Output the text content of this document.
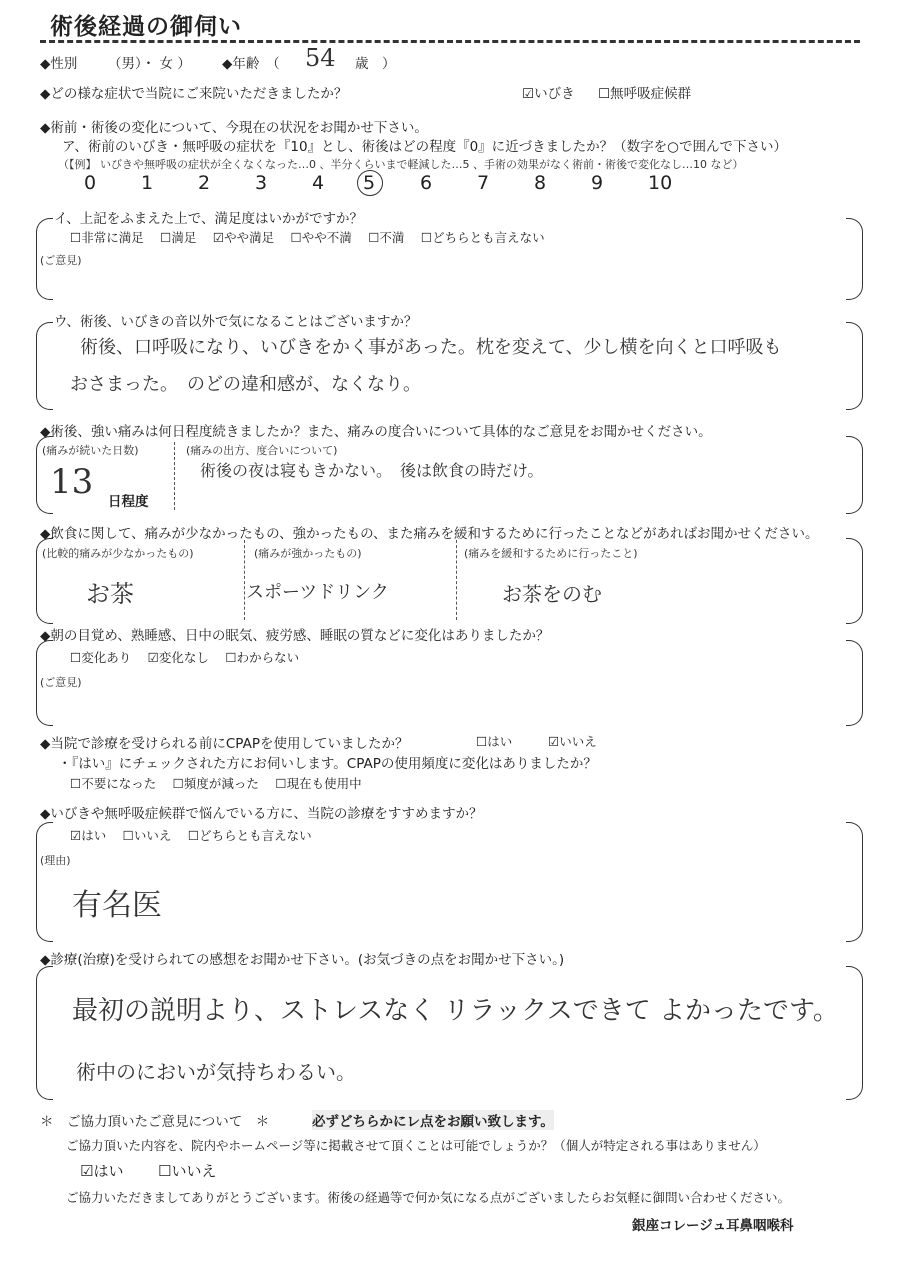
術後経過の御伺い
◆性別 （男）・ 女 ） ◆年齢　（ 54 歳　）
◆どの様な症状で当院にご来院いただきましたか？	☑いびき ☐無呼吸症候群
◆術前・術後の変化について、今現在の状況をお聞かせ下さい。
ア、術前のいびき・無呼吸の症状を『10』とし、術後はどの程度『0』に近づきましたか？（数字を○で囲んで下さい）
（【例】 いびきや無呼吸の症状が全くなくなった…0 、半分くらいまで軽減した…5 、手術の効果がなく術前・術後で変化なし…10 など）
0 1 2 3 4 5 6 7 8 9 10
イ、上記をふまえた上で、満足度はいかがですか？
☐非常に満足　 ☐満足　 ☑やや満足　 ☐やや不満　 ☐不満　 ☐どちらとも言えない
(ご意見)
ウ、術後、いびきの音以外で気になることはございますか？
術後、口呼吸になり、いびきをかく事があった。枕を変えて、少し横を向くと口呼吸も
おさまった。　のどの違和感が、なくなり。
◆術後、強い痛みは何日程度続きましたか？また、痛みの度合いについて具体的なご意見をお聞かせください。
(痛みが続いた日数)
13 日程度
(痛みの出方、度合いについて)
術後の夜は寝もきかない。　後は飲食の時だけ。
◆飲食に関して、痛みが少なかったもの、強かったもの、また痛みを緩和するために行ったことなどがあればお聞かせください。
(比較的痛みが少なかったもの)
お茶
(痛みが強かったもの)
スポーツドリンク
(痛みを緩和するために行ったこと)
お茶をのむ
◆朝の目覚め、熟睡感、日中の眠気、疲労感、睡眠の質などに変化はありましたか？
☐変化あり　 ☑変化なし　 ☐わからない
(ご意見)
◆当院で診療を受けられる前にCPAPを使用していましたか？	☐はい	☑いいえ
・『はい』にチェックされた方にお伺いします。CPAPの使用頻度に変化はありましたか？
☐不要になった　 ☐頻度が減った　 ☐現在も使用中
◆いびきや無呼吸症候群で悩んでいる方に、当院の診療をすすめますか？
☑はい　 ☐いいえ　 ☐どちらとも言えない
(理由)
有名医
◆診療(治療)を受けられての感想をお聞かせ下さい。(お気づきの点をお聞かせ下さい。)
最初の説明より、ストレスなく リラックスできて よかったです。
術中のにおいが気持ちわるい。
＊　ご協力頂いたご意見について　＊	必ずどちらかにレ点をお願い致します。
ご協力頂いた内容を、院内やホームページ等に掲載させて頂くことは可能でしょうか？（個人が特定される事はありません）
☑はい ☐いいえ
ご協力いただきましてありがとうございます。術後の経過等で何か気になる点がございましたらお気軽に御問い合わせください。
銀座コレージュ耳鼻咽喉科
